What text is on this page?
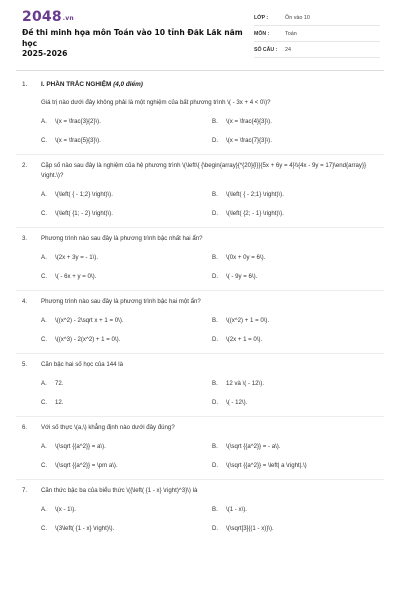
2048.vn
Đề thi minh họa môn Toán vào 10 tỉnh Đăk Lăk năm học
2025-2026
LỚP :	Ôn vào 10
MÔN :	Toán
SỐ CÂU : 24
1. I. PHẦN TRẮC NGHIỆM (4,0 điểm)
Giá trị nào dưới đây không phải là một nghiệm của bất phương trình \( - 3x + 4 < 0\)?
A. \(x = \frac{3}{2}\).	B. \(x = \frac{4}{3}\).
C. \(x = \frac{5}{3}\).	D. \(x = \frac{7}{3}\).
2. Cặp số nào sau đây là nghiệm của hệ phương trình \(\left\{ {\begin{array}{*{20}{l}}{5x + 6y = 4}\\{4x - 9y = 17}\end{array}} \right.\)?
A. \(\left( { - 1;2} \right)\).	B. \(\left( { - 2;1} \right)\).
C. \(\left( {1; - 2} \right)\).	D. \(\left( {2; - 1} \right)\).
3. Phương trình nào sau đây là phương trình bậc nhất hai ẩn?
A. \(2x + 3y = - 1\).	B. \(0x + 0y = 6\).
C. \( - 6x + y = 0\).	D. \( - 9y = 6\).
4. Phương trình nào sau đây là phương trình bậc hai một ẩn?
A. \((x^2) - 2\sqrt x + 1 = 0\).	B. \((x^2) + 1 = 0\).
C. \((x^3) - 2(x^2) + 1 = 0\).	D. \(2x + 1 = 0\).
5. Căn bậc hai số học của 144 là
A. 72.	B. 12 và \( - 12\).
C. 12.	D. \( - 12\).
6. Với số thực \(a,\) khẳng định nào dưới đây đúng?
A. \(\sqrt {{a^2}} = a\).	B. \(\sqrt {{a^2}} = - a\).
C. \(\sqrt {{a^2}} = \pm a\).	D. \(\sqrt {{a^2}} = \left| a \right|.\)
7. Căn thức bậc ba của biểu thức \({\left( {1 - x} \right)^3}\) là
A. \(x - 1\).	B. \(1 - x\).
C. \(3\left( {1 - x} \right)\).	D. \(\sqrt[3]{(1 - x)}\).
